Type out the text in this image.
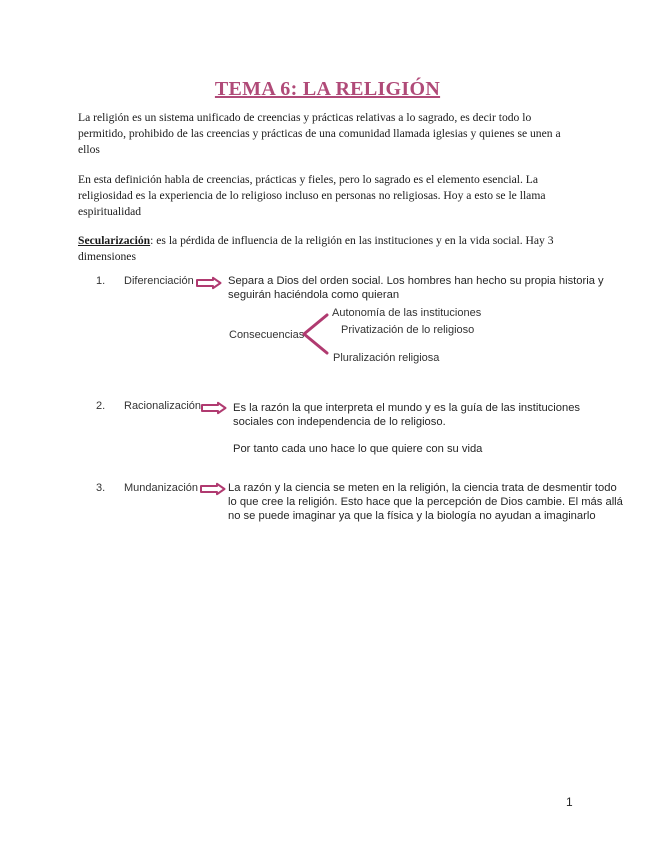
TEMA 6: LA RELIGIÓN

La religión es un sistema unificado de creencias y prácticas relativas a lo sagrado, es decir todo lo permitido, prohibido de las creencias y prácticas de una comunidad llamada iglesias y quienes se unen a ellos

En esta definición habla de creencias, prácticas y fieles, pero lo sagrado es el elemento esencial. La religiosidad es la experiencia de lo religioso incluso en personas no religiosas. Hoy a esto se le llama espiritualidad

Secularización: es la pérdida de influencia de la religión en las instituciones y en la vida social. Hay 3 dimensiones

1. Diferenciación	Separa a Dios del orden social. Los hombres han hecho su propia historia y seguirán haciéndola como quieran

Consecuencias
Autonomía de las instituciones
Privatización de lo religioso
Pluralización religiosa
2. Racionalización	Es la razón la que interpreta el mundo y es la guía de las instituciones sociales con independencia de lo religioso.

Por tanto cada uno hace lo que quiere con su vida

3. Mundanización	La razón y la ciencia se meten en la religión, la ciencia trata de desmentir todo lo que cree la religión. Esto hace que la percepción de Dios cambie. El más allá no se puede imaginar ya que la física y la biología no ayudan a imaginarlo

1
